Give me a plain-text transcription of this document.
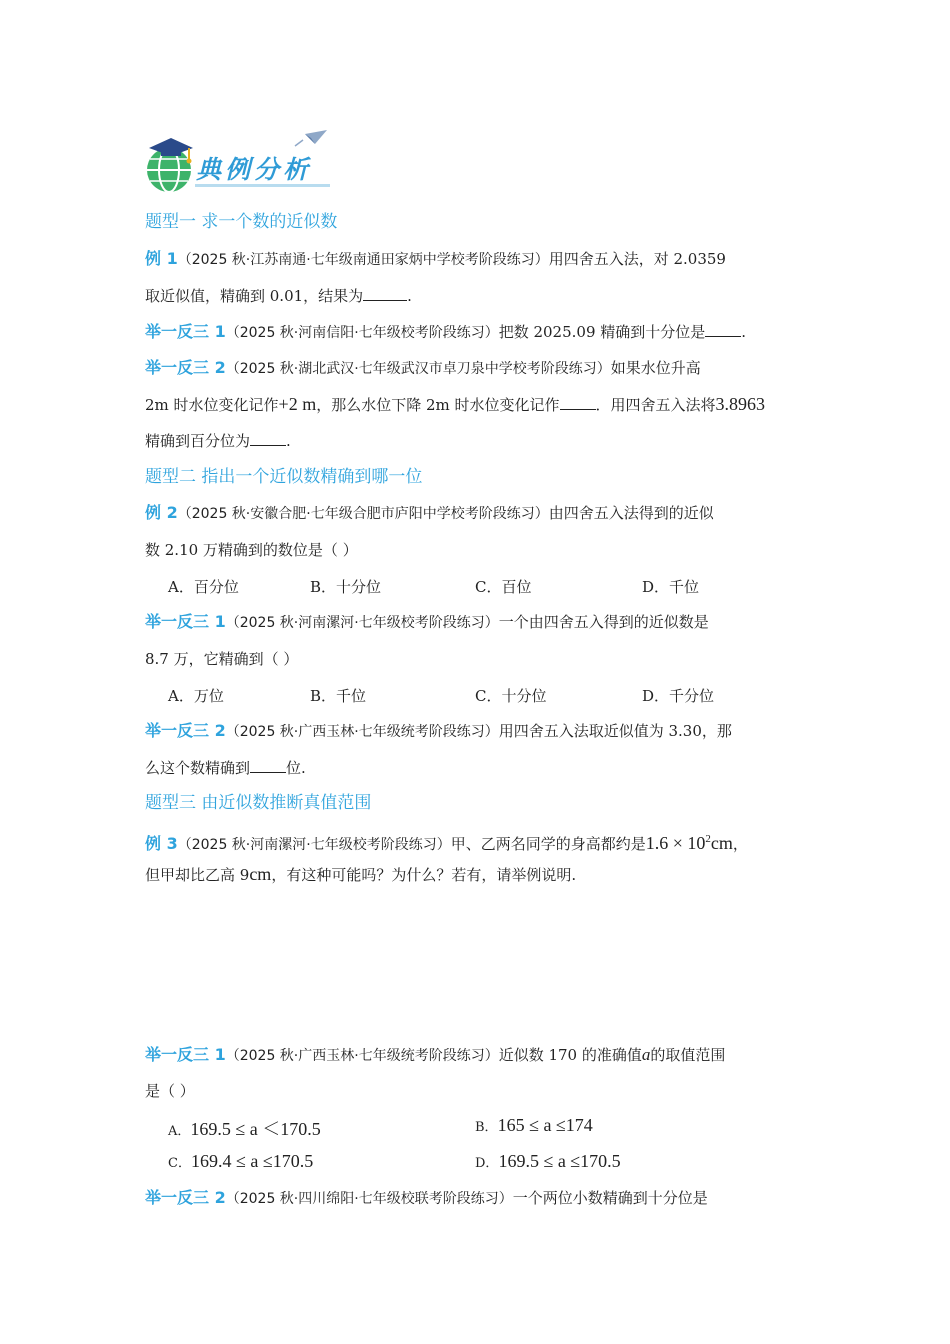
典例分析
题型一 求一个数的近似数
例 1（2025 秋·江苏南通·七年级南通田家炳中学校考阶段练习）用四舍五入法，对 2.0359
取近似值，精确到 0.01，结果为	.
举一反三 1（2025 秋·河南信阳·七年级校考阶段练习）把数 2025.09 精确到十分位是 .
举一反三 2（2025 秋·湖北武汉·七年级武汉市卓刀泉中学校考阶段练习）如果水位升高
2m 时水位变化记作+2 m，那么水位下降 2m 时水位变化记作 ．用四舍五入法将3.8963
精确到百分位为 .
题型二 指出一个近似数精确到哪一位
例 2（2025 秋·安徽合肥·七年级合肥市庐阳中学校考阶段练习）由四舍五入法得到的近似
数 2.10 万精确到的数位是（ ）
A．百分位	B．十分位	C．百位	D．千位
举一反三 1（2025 秋·河南漯河·七年级校考阶段练习）一个由四舍五入得到的近似数是
8.7 万，它精确到（ ）
A．万位	B．千位	C．十分位	D．千分位
举一反三 2（2025 秋·广西玉林·七年级统考阶段练习）用四舍五入法取近似值为 3.30，那
么这个数精确到 位.
题型三 由近似数推断真值范围
例 3（2025 秋·河南漯河·七年级校考阶段练习）甲、乙两名同学的身高都约是$1.6 \times 10^2cm$，
但甲却比乙高 9cm，有这种可能吗？为什么？若有，请举例说明.
举一反三 1（2025 秋·广西玉林·七年级统考阶段练习）近似数 170 的准确值a的取值范围
是（ ）
A．169.5 ≤ a ＜170.5	B．165 ≤ a ≤174
C．169.4 ≤ a ≤170.5	D．169.5 ≤ a ≤170.5
举一反三 2（2025 秋·四川绵阳·七年级校联考阶段练习）一个两位小数精确到十分位是
